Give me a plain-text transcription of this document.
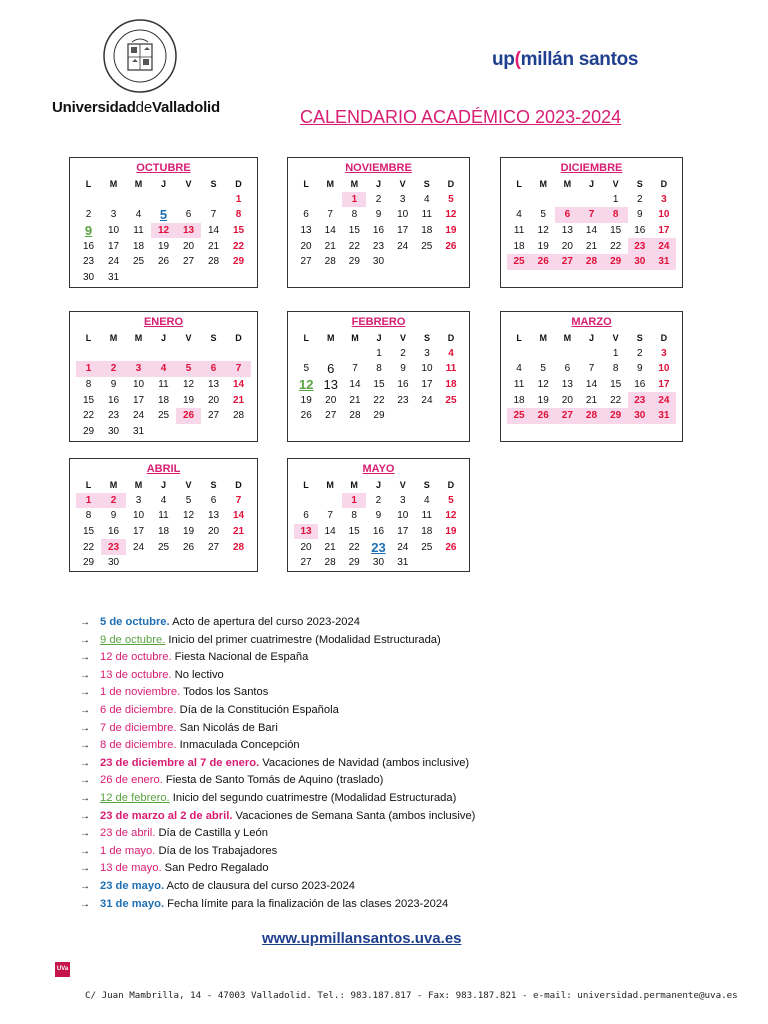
UniversidaddeValladolid
up(millán santos
CALENDARIO ACADÉMICO 2023-2024
OCTUBRE
L	M	M	J	V	S	D
						1
2	3	4	5	6	7	8
9	10	11	12	13	14	15
16	17	18	19	20	21	22
23	24	25	26	27	28	29
30	31					
NOVIEMBRE
L	M	M	J	V	S	D
		1	2	3	4	5
6	7	8	9	10	11	12
13	14	15	16	17	18	19
20	21	22	23	24	25	26
27	28	29	30			
DICIEMBRE
L	M	M	J	V	S	D
				1	2	3
4	5	6	7	8	9	10
11	12	13	14	15	16	17
18	19	20	21	22	23	24
25	26	27	28	29	30	31
ENERO
L	M	M	J	V	S	D

1	2	3	4	5	6	7
8	9	10	11	12	13	14
15	16	17	18	19	20	21
22	23	24	25	26	27	28
29	30	31				
FEBRERO
L	M	M	J	V	S	D
			1	2	3	4
5	6	7	8	9	10	11
12	13	14	15	16	17	18
19	20	21	22	23	24	25
26	27	28	29			
MARZO
L	M	M	J	V	S	D
				1	2	3
4	5	6	7	8	9	10
11	12	13	14	15	16	17
18	19	20	21	22	23	24
25	26	27	28	29	30	31
ABRIL
L	M	M	J	V	S	D
1	2	3	4	5	6	7
8	9	10	11	12	13	14
15	16	17	18	19	20	21
22	23	24	25	26	27	28
29	30					
MAYO
L	M	M	J	V	S	D
		1	2	3	4	5
6	7	8	9	10	11	12
13	14	15	16	17	18	19
20	21	22	23	24	25	26
27	28	29	30	31		
→ 5 de octubre. Acto de apertura del curso 2023-2024
→ 9 de octubre. Inicio del primer cuatrimestre (Modalidad Estructurada)
→ 12 de octubre. Fiesta Nacional de España
→ 13 de octubre. No lectivo
→ 1 de noviembre. Todos los Santos
→ 6 de diciembre. Día de la Constitución Española
→ 7 de diciembre. San Nicolás de Bari
→ 8 de diciembre. Inmaculada Concepción
→ 23 de diciembre al 7 de enero. Vacaciones de Navidad (ambos inclusive)
→ 26 de enero. Fiesta de Santo Tomás de Aquino (traslado)
→ 12 de febrero. Inicio del segundo cuatrimestre (Modalidad Estructurada)
→ 23 de marzo al 2 de abril. Vacaciones de Semana Santa (ambos inclusive)
→ 23 de abril. Día de Castilla y León
→ 1 de mayo. Día de los Trabajadores
→ 13 de mayo. San Pedro Regalado
→ 23 de mayo. Acto de clausura del curso 2023-2024
→ 31 de mayo. Fecha límite para la finalización de las clases 2023-2024
www.upmillansantos.uva.es
UVa
C/ Juan Mambrilla, 14 - 47003 Valladolid. Tel.: 983.187.817 - Fax: 983.187.821 - e-mail: universidad.permanente@uva.es
